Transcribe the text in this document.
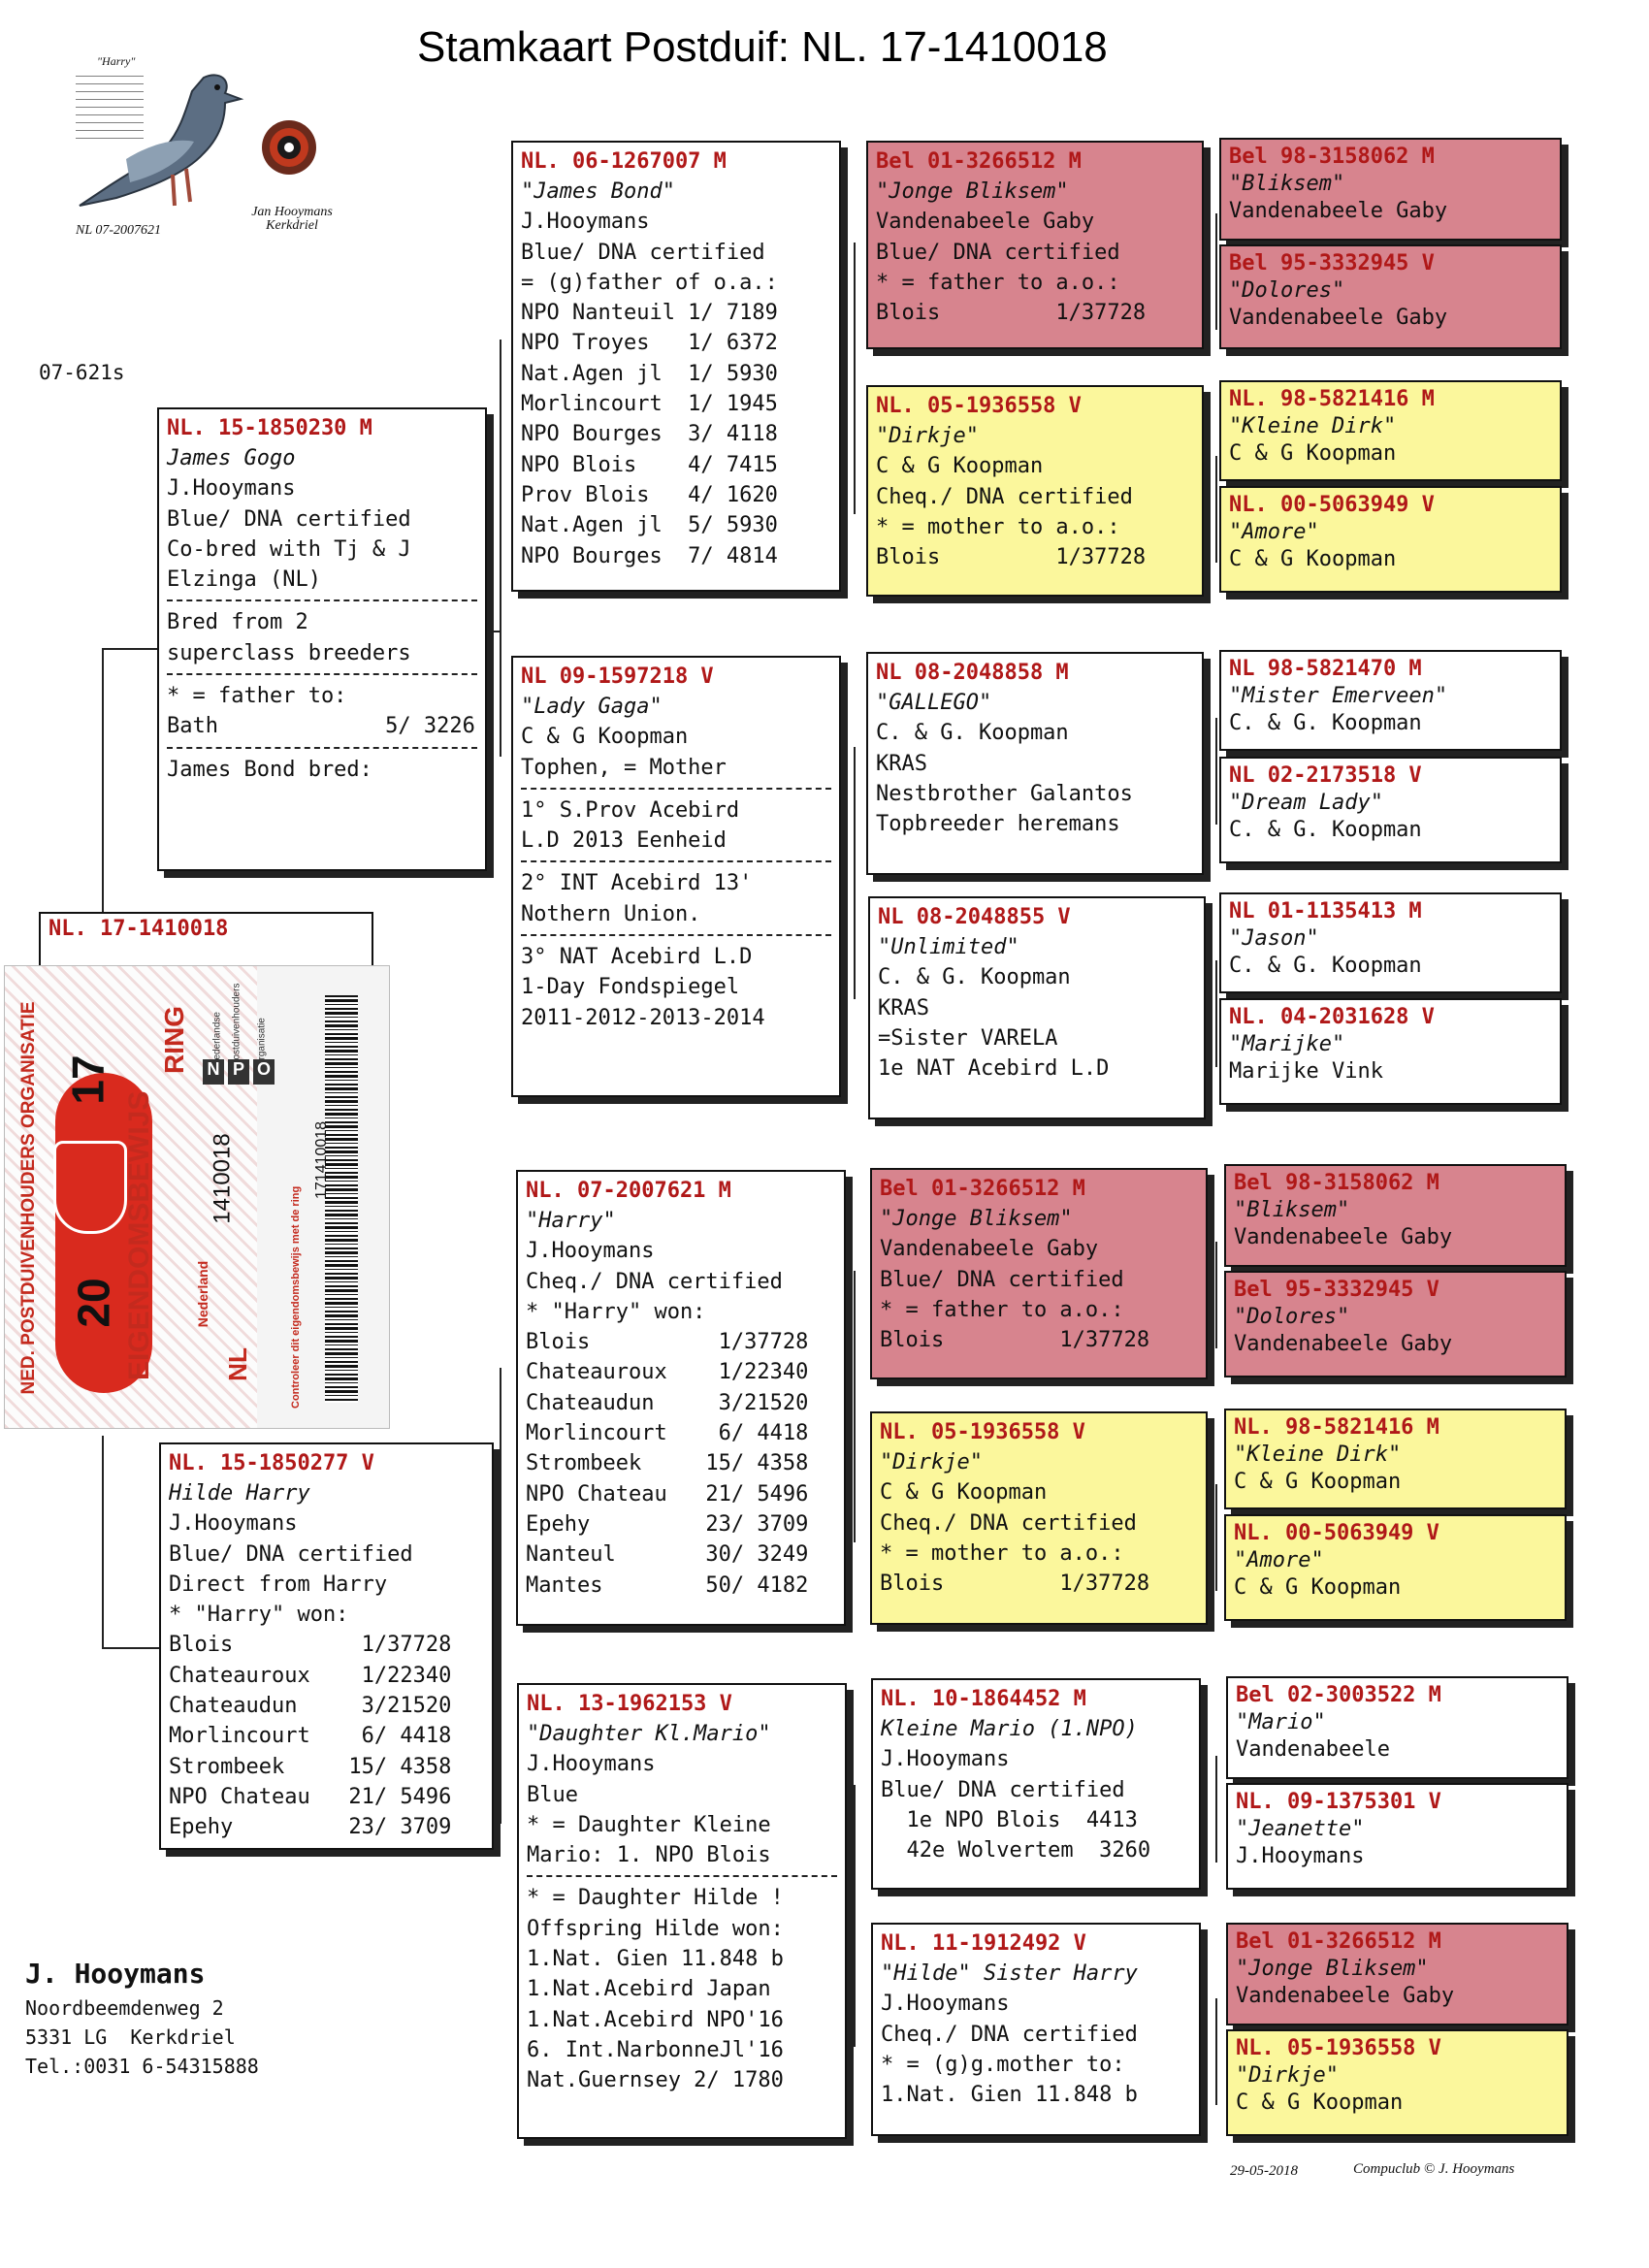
Stamkaart Postduif: NL. 17-1410018
"Harry"
NL 07-2007621
Jan Hooymans Kerkdriel
07-621s
NL. 17-1410018
NED. POSTDUIVENHOUDERS ORGANISATIE 17
20 EIGENDOMSBEWIJS
RING
1410018
Nederland
NL
N P O
ederlandse ostduivenhouders rganisatie
171410018
Controleer dit eigendomsbewijs met de ring
NL. 15-1850230 M
James Gogo
J.Hooymans
Blue/ DNA certified
Co-bred with Tj & J
Elzinga (NL)
Bred from 2
superclass breeders
* = father to:
Bath             5/ 3226
James Bond bred:
NL. 15-1850277 V
Hilde Harry
J.Hooymans
Blue/ DNA certified
Direct from Harry
* "Harry" won:
Blois          1/37728
Chateauroux    1/22340
Chateaudun     3/21520
Morlincourt    6/ 4418
Strombeek     15/ 4358
NPO Chateau   21/ 5496
Epehy         23/ 3709
NL. 06-1267007 M
"James Bond"
J.Hooymans
Blue/ DNA certified
= (g)father of o.a.:
NPO Nanteuil 1/ 7189
NPO Troyes   1/ 6372
Nat.Agen jl  1/ 5930
Morlincourt  1/ 1945
NPO Bourges  3/ 4118
NPO Blois    4/ 7415
Prov Blois   4/ 1620
Nat.Agen jl  5/ 5930
NPO Bourges  7/ 4814
NL 09-1597218 V
"Lady Gaga"
C & G Koopman
Tophen, = Mother
1° S.Prov Acebird
L.D 2013 Eenheid
2° INT Acebird 13'
Nothern Union.
3° NAT Acebird L.D
1-Day Fondspiegel
2011-2012-2013-2014
NL. 07-2007621 M
"Harry"
J.Hooymans
Cheq./ DNA certified
* "Harry" won:
Blois          1/37728
Chateauroux    1/22340
Chateaudun     3/21520
Morlincourt    6/ 4418
Strombeek     15/ 4358
NPO Chateau   21/ 5496
Epehy         23/ 3709
Nanteul       30/ 3249
Mantes        50/ 4182
NL. 13-1962153 V
"Daughter Kl.Mario"
J.Hooymans
Blue
* = Daughter Kleine
Mario: 1. NPO Blois
* = Daughter Hilde !
Offspring Hilde won:
1.Nat. Gien 11.848 b
1.Nat.Acebird Japan
1.Nat.Acebird NPO'16
6. Int.NarbonneJl'16
Nat.Guernsey 2/ 1780
Bel 01-3266512 M
"Jonge Bliksem"
Vandenabeele Gaby
Blue/ DNA certified
* = father to a.o.:
Blois         1/37728
NL. 05-1936558 V
"Dirkje"
C & G Koopman
Cheq./ DNA certified
* = mother to a.o.:
Blois         1/37728
NL 08-2048858 M
"GALLEGO"
C. & G. Koopman
KRAS
Nestbrother Galantos
Topbreeder heremans
NL 08-2048855 V
"Unlimited"
C. & G. Koopman
KRAS
=Sister VARELA
1e NAT Acebird L.D
Bel 01-3266512 M
"Jonge Bliksem"
Vandenabeele Gaby
Blue/ DNA certified
* = father to a.o.:
Blois         1/37728
NL. 05-1936558 V
"Dirkje"
C & G Koopman
Cheq./ DNA certified
* = mother to a.o.:
Blois         1/37728
NL. 10-1864452 M
Kleine Mario (1.NPO)
J.Hooymans
Blue/ DNA certified
1e NPO Blois  4413
42e Wolvertem  3260
NL. 11-1912492 V
"Hilde" Sister Harry
J.Hooymans
Cheq./ DNA certified
* = (g)g.mother to:
1.Nat. Gien 11.848 b
Bel 98-3158062 M
"Bliksem"
Vandenabeele Gaby
Bel 95-3332945 V
"Dolores"
Vandenabeele Gaby
NL. 98-5821416 M
"Kleine Dirk"
C & G Koopman
NL. 00-5063949 V
"Amore"
C & G Koopman
NL 98-5821470 M
"Mister Emerveen"
C. & G. Koopman
NL 02-2173518 V
"Dream Lady"
C. & G. Koopman
NL 01-1135413 M
"Jason"
C. & G. Koopman
NL. 04-2031628 V
"Marijke"
Marijke Vink
Bel 98-3158062 M
"Bliksem"
Vandenabeele Gaby
Bel 95-3332945 V
"Dolores"
Vandenabeele Gaby
NL. 98-5821416 M
"Kleine Dirk"
C & G Koopman
NL. 00-5063949 V
"Amore"
C & G Koopman
Bel 02-3003522 M
"Mario"
Vandenabeele
NL. 09-1375301 V
"Jeanette"
J.Hooymans
Bel 01-3266512 M
"Jonge Bliksem"
Vandenabeele Gaby
NL. 05-1936558 V
"Dirkje"
C & G Koopman
J. Hooymans
Noordbeemdenweg 2
5331 LG  Kerkdriel
Tel.:0031 6-54315888
29-05-2018	Compuclub © J. Hooymans
